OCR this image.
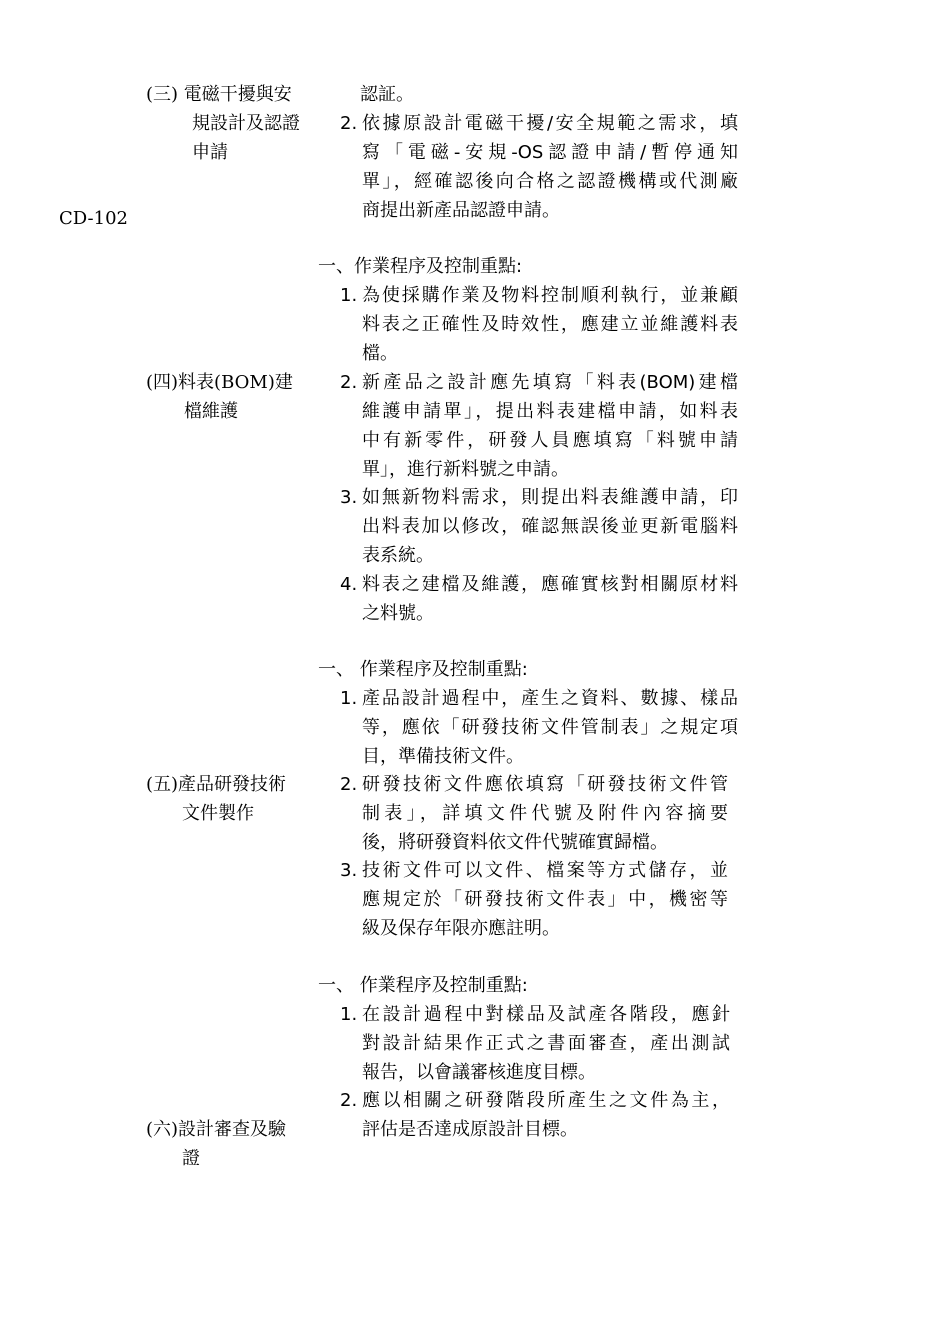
(三) 電磁干擾與安
規設計及認證
申請
認証。
2. 依據原設計電磁干擾/安全規範之需求，填
寫「電磁-安規-OS認證申請/暫停通知
單」，經確認後向合格之認證機構或代測廠
商提出新產品認證申請。
CD-102
一、作業程序及控制重點:
1. 為使採購作業及物料控制順利執行，並兼顧
料表之正確性及時效性，應建立並維護料表
檔。
(四)料表(BOM)建
檔維護
2. 新產品之設計應先填寫「料表(BOM)建檔
維護申請單」，提出料表建檔申請，如料表
中有新零件，研發人員應填寫「料號申請
單」，進行新料號之申請。
3. 如無新物料需求，則提出料表維護申請，印
出料表加以修改，確認無誤後並更新電腦料
表系統。
4. 料表之建檔及維護，應確實核對相關原材料
之料號。
一、 作業程序及控制重點:
1. 產品設計過程中，產生之資料、數據、樣品
等，應依「研發技術文件管制表」之規定項
目，準備技術文件。
(五)產品研發技術
文件製作
2. 研發技術文件應依填寫「研發技術文件管
制表」，詳填文件代號及附件內容摘要
後，將研發資料依文件代號確實歸檔。
3. 技術文件可以文件、檔案等方式儲存，並
應規定於「研發技術文件表」中，機密等
級及保存年限亦應註明。
一、 作業程序及控制重點:
1. 在設計過程中對樣品及試產各階段，應針
對設計結果作正式之書面審查，產出測試
報告，以會議審核進度目標。
2. 應以相關之研發階段所產生之文件為主，
評估是否達成原設計目標。
(六)設計審查及驗
證
